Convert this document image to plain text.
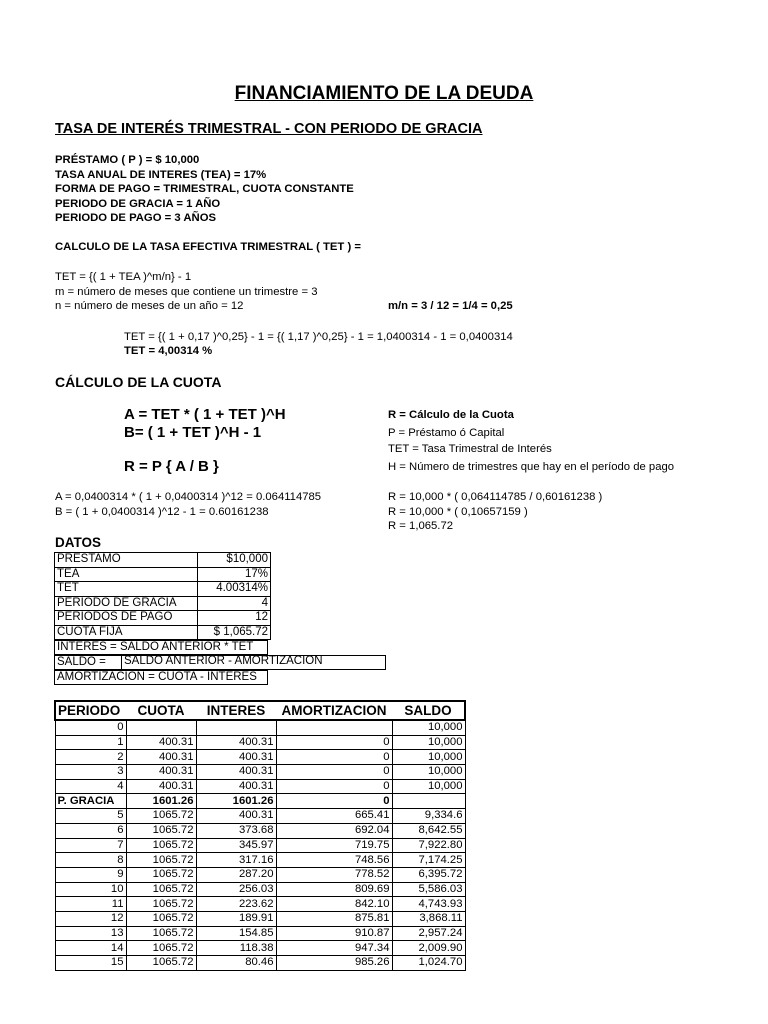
FINANCIAMIENTO DE LA DEUDA
TASA DE INTERÉS TRIMESTRAL - CON PERIODO DE GRACIA
PRÉSTAMO ( P ) = $ 10,000
TASA ANUAL DE INTERES (TEA) = 17%
FORMA DE PAGO = TRIMESTRAL, CUOTA CONSTANTE
PERIODO DE GRACIA = 1 AÑO
PERIODO DE PAGO = 3 AÑOS
CALCULO DE LA TASA EFECTIVA TRIMESTRAL ( TET ) =
TET = {( 1 + TEA )^m/n} - 1
m = número de meses que contiene un trimestre = 3
n = número de meses de un año = 12	m/n = 3 / 12 = 1/4 = 0,25
TET = {( 1 + 0,17 )^0,25} - 1 = {( 1,17 )^0,25} - 1 = 1,0400314 - 1 = 0,0400314
TET = 4,00314 %
CÁLCULO DE LA CUOTA
A = TET * ( 1 + TET )^H
B= ( 1 + TET )^H - 1
R = P { A / B }
R = Cálculo de la Cuota
P = Préstamo ó Capital
TET = Tasa Trimestral de Interés
H = Número de trimestres que hay en el período de pago
A = 0,0400314 * ( 1 + 0,0400314 )^12 = 0.064114785
B = ( 1 + 0,0400314 )^12 - 1 = 0.60161238
R = 10,000 * ( 0,064114785 / 0,60161238 )
R = 10,000 * ( 0,10657159 )
R = 1,065.72
DATOS
PRESTAMO	$10,000
TEA	17%
TET	4.00314%
PERIODO DE GRACIA	4
PERIODOS DE PAGO	12
CUOTA FIJA	$ 1,065.72
INTERES = SALDO ANTERIOR * TET
SALDO = SALDO ANTERIOR - AMORTIZACION
AMORTIZACION = CUOTA - INTERES
PERIODO	CUOTA	INTERES	AMORTIZACION	SALDO
0				10,000
1	400.31	400.31	0	10,000
2	400.31	400.31	0	10,000
3	400.31	400.31	0	10,000
4	400.31	400.31	0	10,000
P. GRACIA	1601.26	1601.26	0	
5	1065.72	400.31	665.41	9,334.6
6	1065.72	373.68	692.04	8,642.55
7	1065.72	345.97	719.75	7,922.80
8	1065.72	317.16	748.56	7,174.25
9	1065.72	287.20	778.52	6,395.72
10	1065.72	256.03	809.69	5,586.03
11	1065.72	223.62	842.10	4,743.93
12	1065.72	189.91	875.81	3,868.11
13	1065.72	154.85	910.87	2,957.24
14	1065.72	118.38	947.34	2,009.90
15	1065.72	80.46	985.26	1,024.70
